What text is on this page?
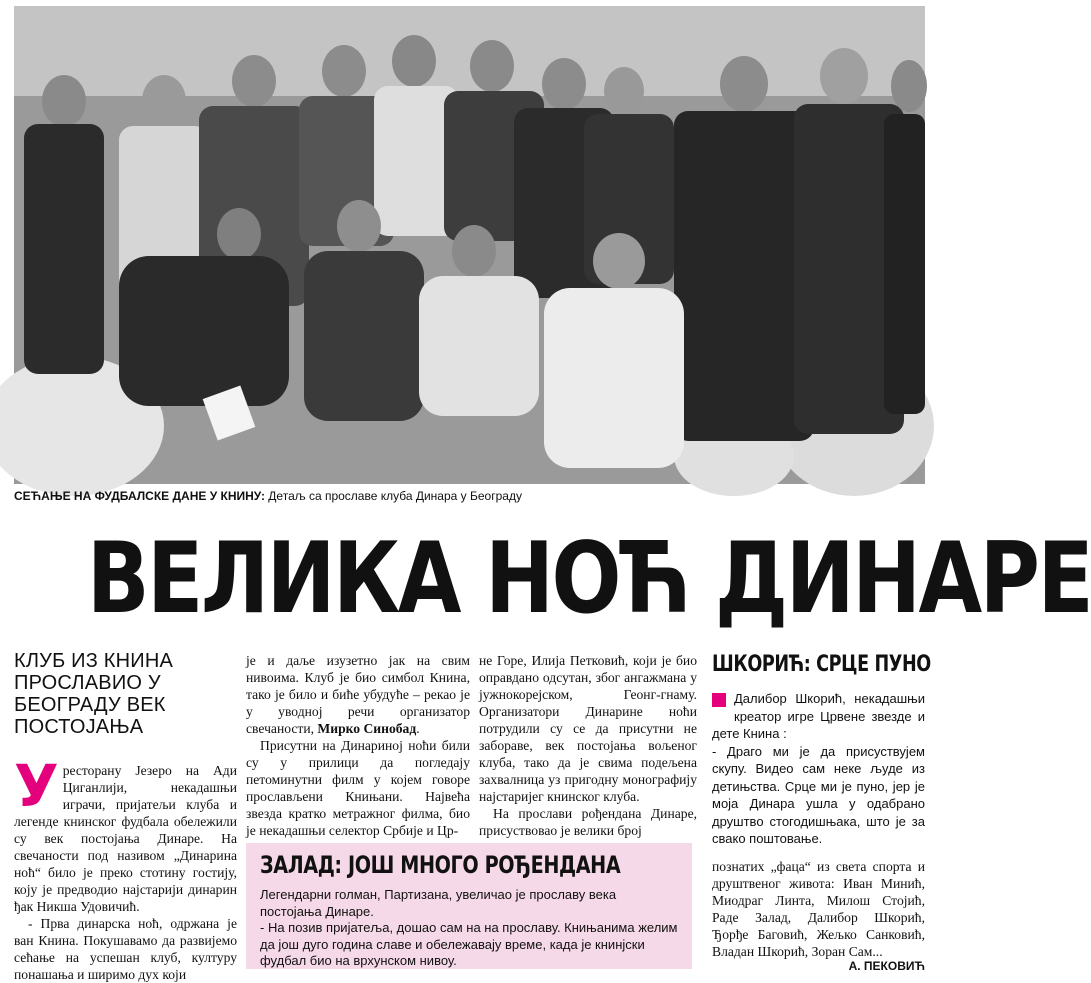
СЕЋАЊЕ НА ФУДБАЛСКЕ ДАНЕ У КНИНУ: Детаљ са прославе клуба Динара у Београду
ВЕЛИКА НОЋ ДИНАРЕ
КЛУБ ИЗ КНИНА ПРОСЛАВИО У БЕОГРАДУ ВЕК ПОСТОЈАЊА

Уресторану Језеро на Ади Циганлији, некадашњи играчи, пријатељи клуба и легенде книнског фудбала обележили су век постојања Динаре. На свечаности под називом „Динарина ноћ“ било је преко стотину гостију, коју је предводио најстарији динарин ђак Никша Удовичић.

- Прва динарска ноћ, одржана је ван Книна. Покушавамо да развијемо сећање на успешан клуб, културу понашања и ширимо дух који

је и даље изузетно јак на свим нивоима. Клуб је био симбол Книна, тако је било и биће убудуће – рекао је у уводној речи организатор свечаности, Мирко Синобад.

Присутни на Динариној ноћи били су у прилици да погледају петоминутни филм у којем говоре прослављени Книњани. Највећа звезда кратко метражног филма, био је некадашњи селектор Србије и Цр-

не Горе, Илија Петковић, који је био оправдано одсутан, због ангажмана у јужнокорејском, Геонг-гнаму. Организатори Динарине ноћи потрудили су се да присутни не забораве, век постојања вољеног клуба, тако да је свима подељена захвалница уз пригодну монографију најстаријег книнског клуба.

На прослави рођендана Динаре, присуствовао је велики број

ШКОРИЋ: СРЦЕ ПУНО

Далибор Шкорић, некадашњи креатор игре Црвене звезде и дете Книна :

- Драго ми је да присуствујем скупу. Видео сам неке људе из детињства. Срце ми је пуно, јер је моја Динара ушла у одабрано друштво стогодишњака, што је за свако поштовање.

познатих „фаца“ из света спорта и друштвеног живота: Иван Минић, Миодраг Линта, Милош Стојић, Раде Залад, Далибор Шкорић, Ђорђе Баговић, Жељко Санковић, Владан Шкорић, Зоран Сам...

А. ПЕКОВИЋ
ЗАЛАД: ЈОШ МНОГО РОЂЕНДАНА

Легендарни голман, Партизана, увеличао је прославу века постојања Динаре.

- На позив пријатеља, дошао сам на на прославу. Книњанима желим да још дуго година славе и обележавају време, када је книнјски фудбал био на врхунском нивоу.
